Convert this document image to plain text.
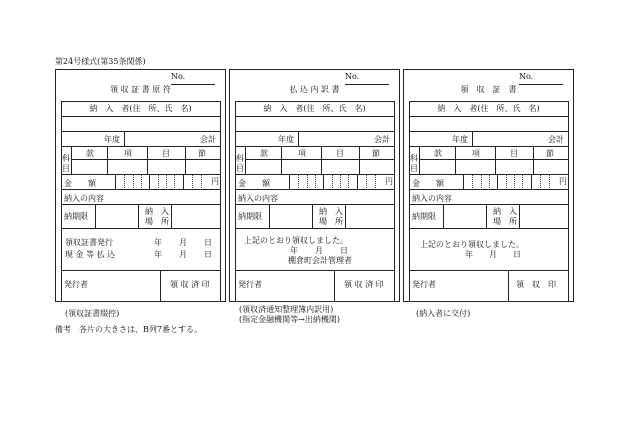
第24号様式(第35条関係)
No.
領 収 証 書 原 符
納　入　者(住　所、氏　名)
年度	会計
科
目
款	項	目	節
金　　額	円
納入の内容
納期限
納　入
場　所
領収証書発行	年 月 日
現 金 等 払 込	年 月 日
発行者	領 収 済 印
(領収証書綴控)
No.
払 込 内 訳 書
納　入　者(住　所、氏　名)
年度	会計
科
目
款	項	目	節
金　　額	円
納入の内容
納期限
納　入
場　所
上記のとおり領収しました。
年 月 日
棚倉町会計管理者
発行者	領 収 済 印
(領収済通知整理簿内訳用)
(指定金融機関等→出納機関)
No.
領　収　証　書
納　入　者(住　所、氏　名)
年度	会計
科
目
款	項	目	節
金　　額	円
納入の内容
納期限
納　入
場　所
上記のとおり領収しました。
年 月 日
発行者	領　収　印
(納入者に交付)
備考　各片の大きさは、B列7番とする。
